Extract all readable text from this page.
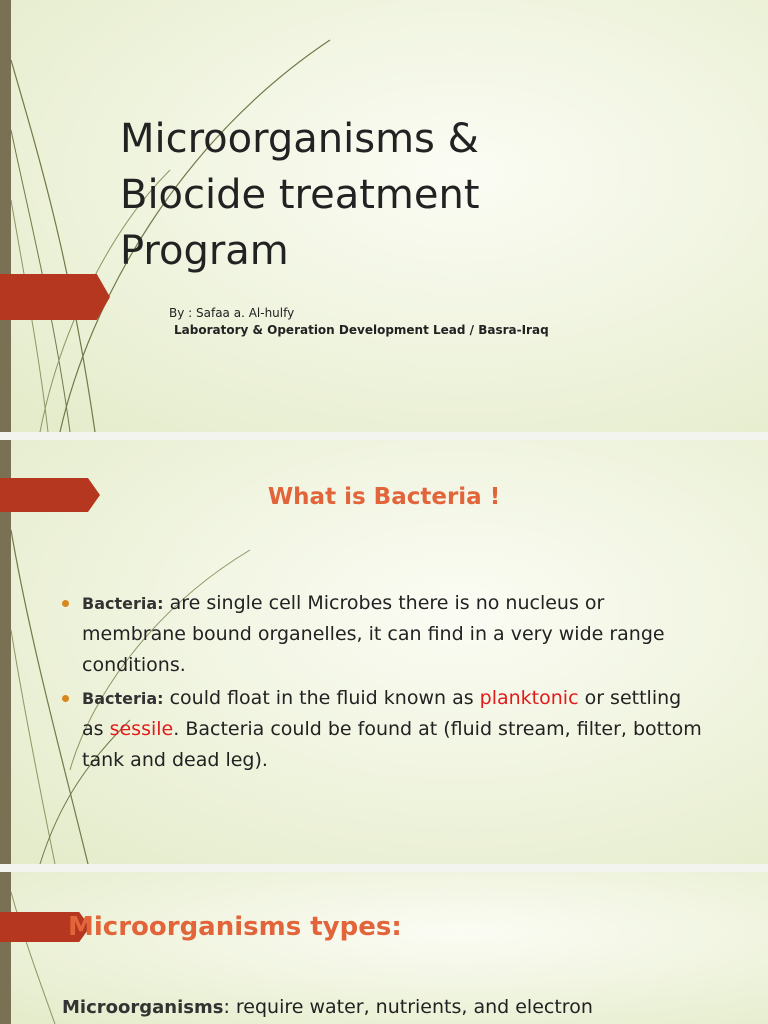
Microorganisms &
Biocide treatment
Program
By : Safaa a. Al-hulfy
Laboratory & Operation Development Lead / Basra-Iraq
What is Bacteria !
Bacteria: are single cell Microbes there is no nucleus or membrane bound organelles, it can find in a very wide range conditions.
Bacteria: could float in the fluid known as planktonic or settling as sessile. Bacteria could be found at (fluid stream, filter, bottom tank and dead leg).
Microorganisms types:
Microorganisms: require water, nutrients, and electron
